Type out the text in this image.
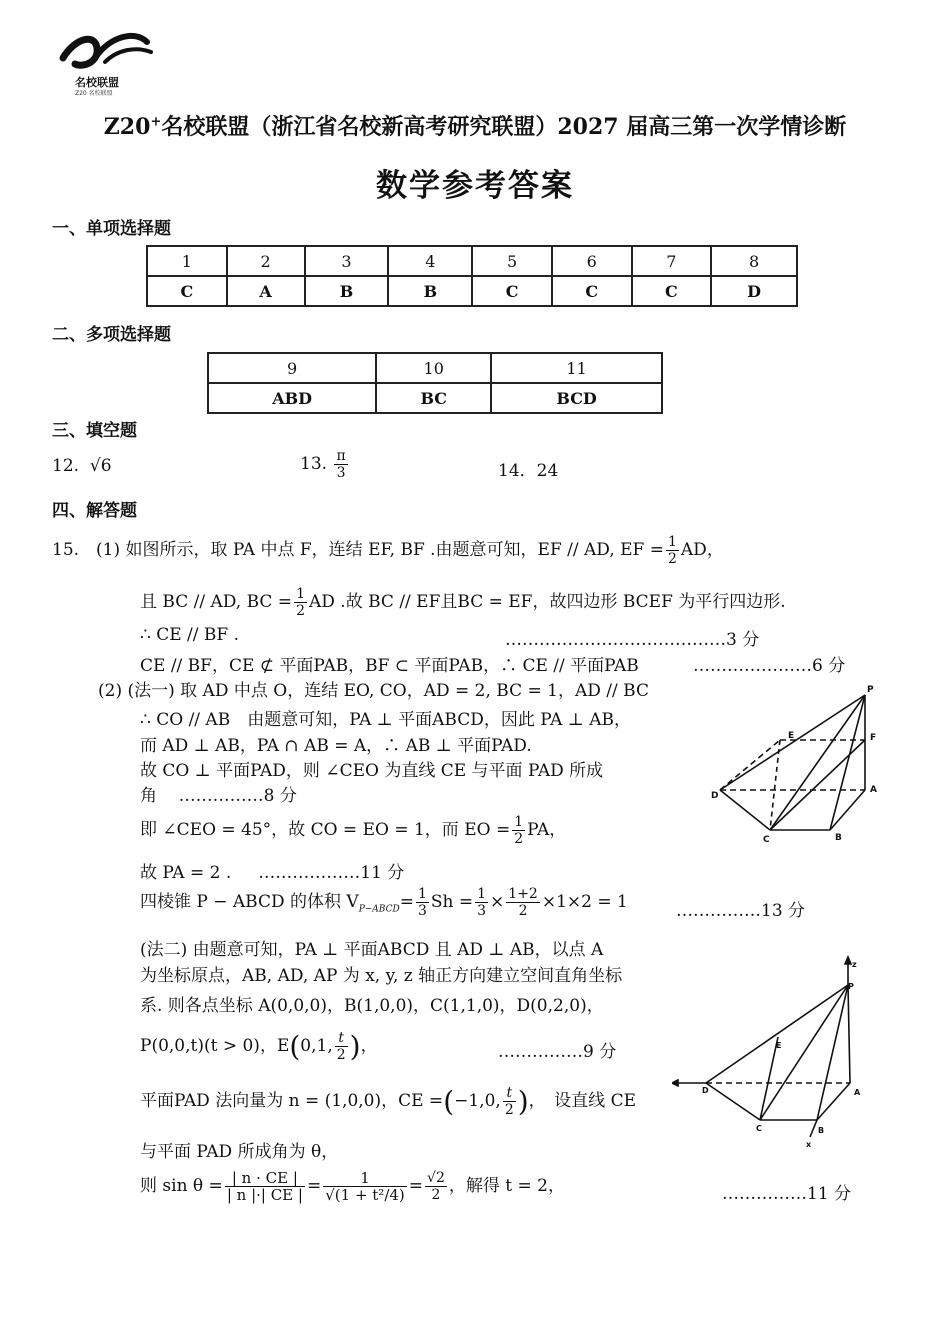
名校联盟
Z20 名校联盟
Z20+名校联盟（浙江省名校新高考研究联盟）2027 届高三第一次学情诊断
数学参考答案
一、单项选择题
1	2	3	4	5	6	7	8
C	A	B	B	C	C	C	D
二、多项选择题
9	10	11
ABD	BC	BCD
三、填空题
12. √6	13. $\frac{\pi}{3}$	14．24
四、解答题
15.　(1) 如图所示，取 PA 中点 F，连结 EF, BF .由题意可知，EF // AD, EF = $\frac{1}{2}$ AD，
且 BC // AD, BC = $\frac{1}{2}$ AD .故 BC // EF且BC = EF，故四边形 BCEF 为平行四边形.
∴ CE // BF .	…………………………………3 分
CE // BF，CE ⊄ 平面PAB，BF ⊂ 平面PAB，∴ CE // 平面PAB	…………………6 分
(2) (法一) 取 AD 中点 O，连结 EO, CO，AD = 2, BC = 1，AD // BC
∴ CO // AB　由题意可知，PA ⊥ 平面ABCD，因此 PA ⊥ AB，
而 AD ⊥ AB，PA ∩ AB = A，∴ AB ⊥ 平面PAD.
故 CO ⊥ 平面PAD，则 ∠CEO 为直线 CE 与平面 PAD 所成
角 ……………8 分
即 ∠CEO = 45°，故 CO = EO = 1，而 EO = $\frac{1}{2}$ PA，
故 PA = 2 . ………………11 分
四棱锥 P − ABCD 的体积 $V_{P-ABCD}= \frac{1}{3}$ $Sh = \frac{1}{3} \times \frac{1+2}{2} \times 1\times 2 = 1$	……………13 分
(法二) 由题意可知，PA ⊥ 平面ABCD 且 AD ⊥ AB，以点 A
为坐标原点，AB, AD, AP 为 x, y, z 轴正方向建立空间直角坐标
系. 则各点坐标 A(0,0,0)，B(1,0,0)，C(1,1,0)，D(0,2,0)，
P(0,0,t)(t > 0)，E(0,1, $\frac{t}{2}$ )，	……………9 分
平面PAD 法向量为 n = (1,0,0)，CE =(−1,0, $\frac{t}{2}$ )，　设直线 CE
与平面 PAD 所成角为 θ，
则 $\sin \theta = \frac{| n \cdot CE |}{| n |\cdot| CE |} = \frac{1}{\text{√(1 + t²/4)}} = \frac{√2}{2}$ ，解得 t = 2，	……………11 分
P
E	F
D
A
C	B
z
P
E
D	A
C	B
x
